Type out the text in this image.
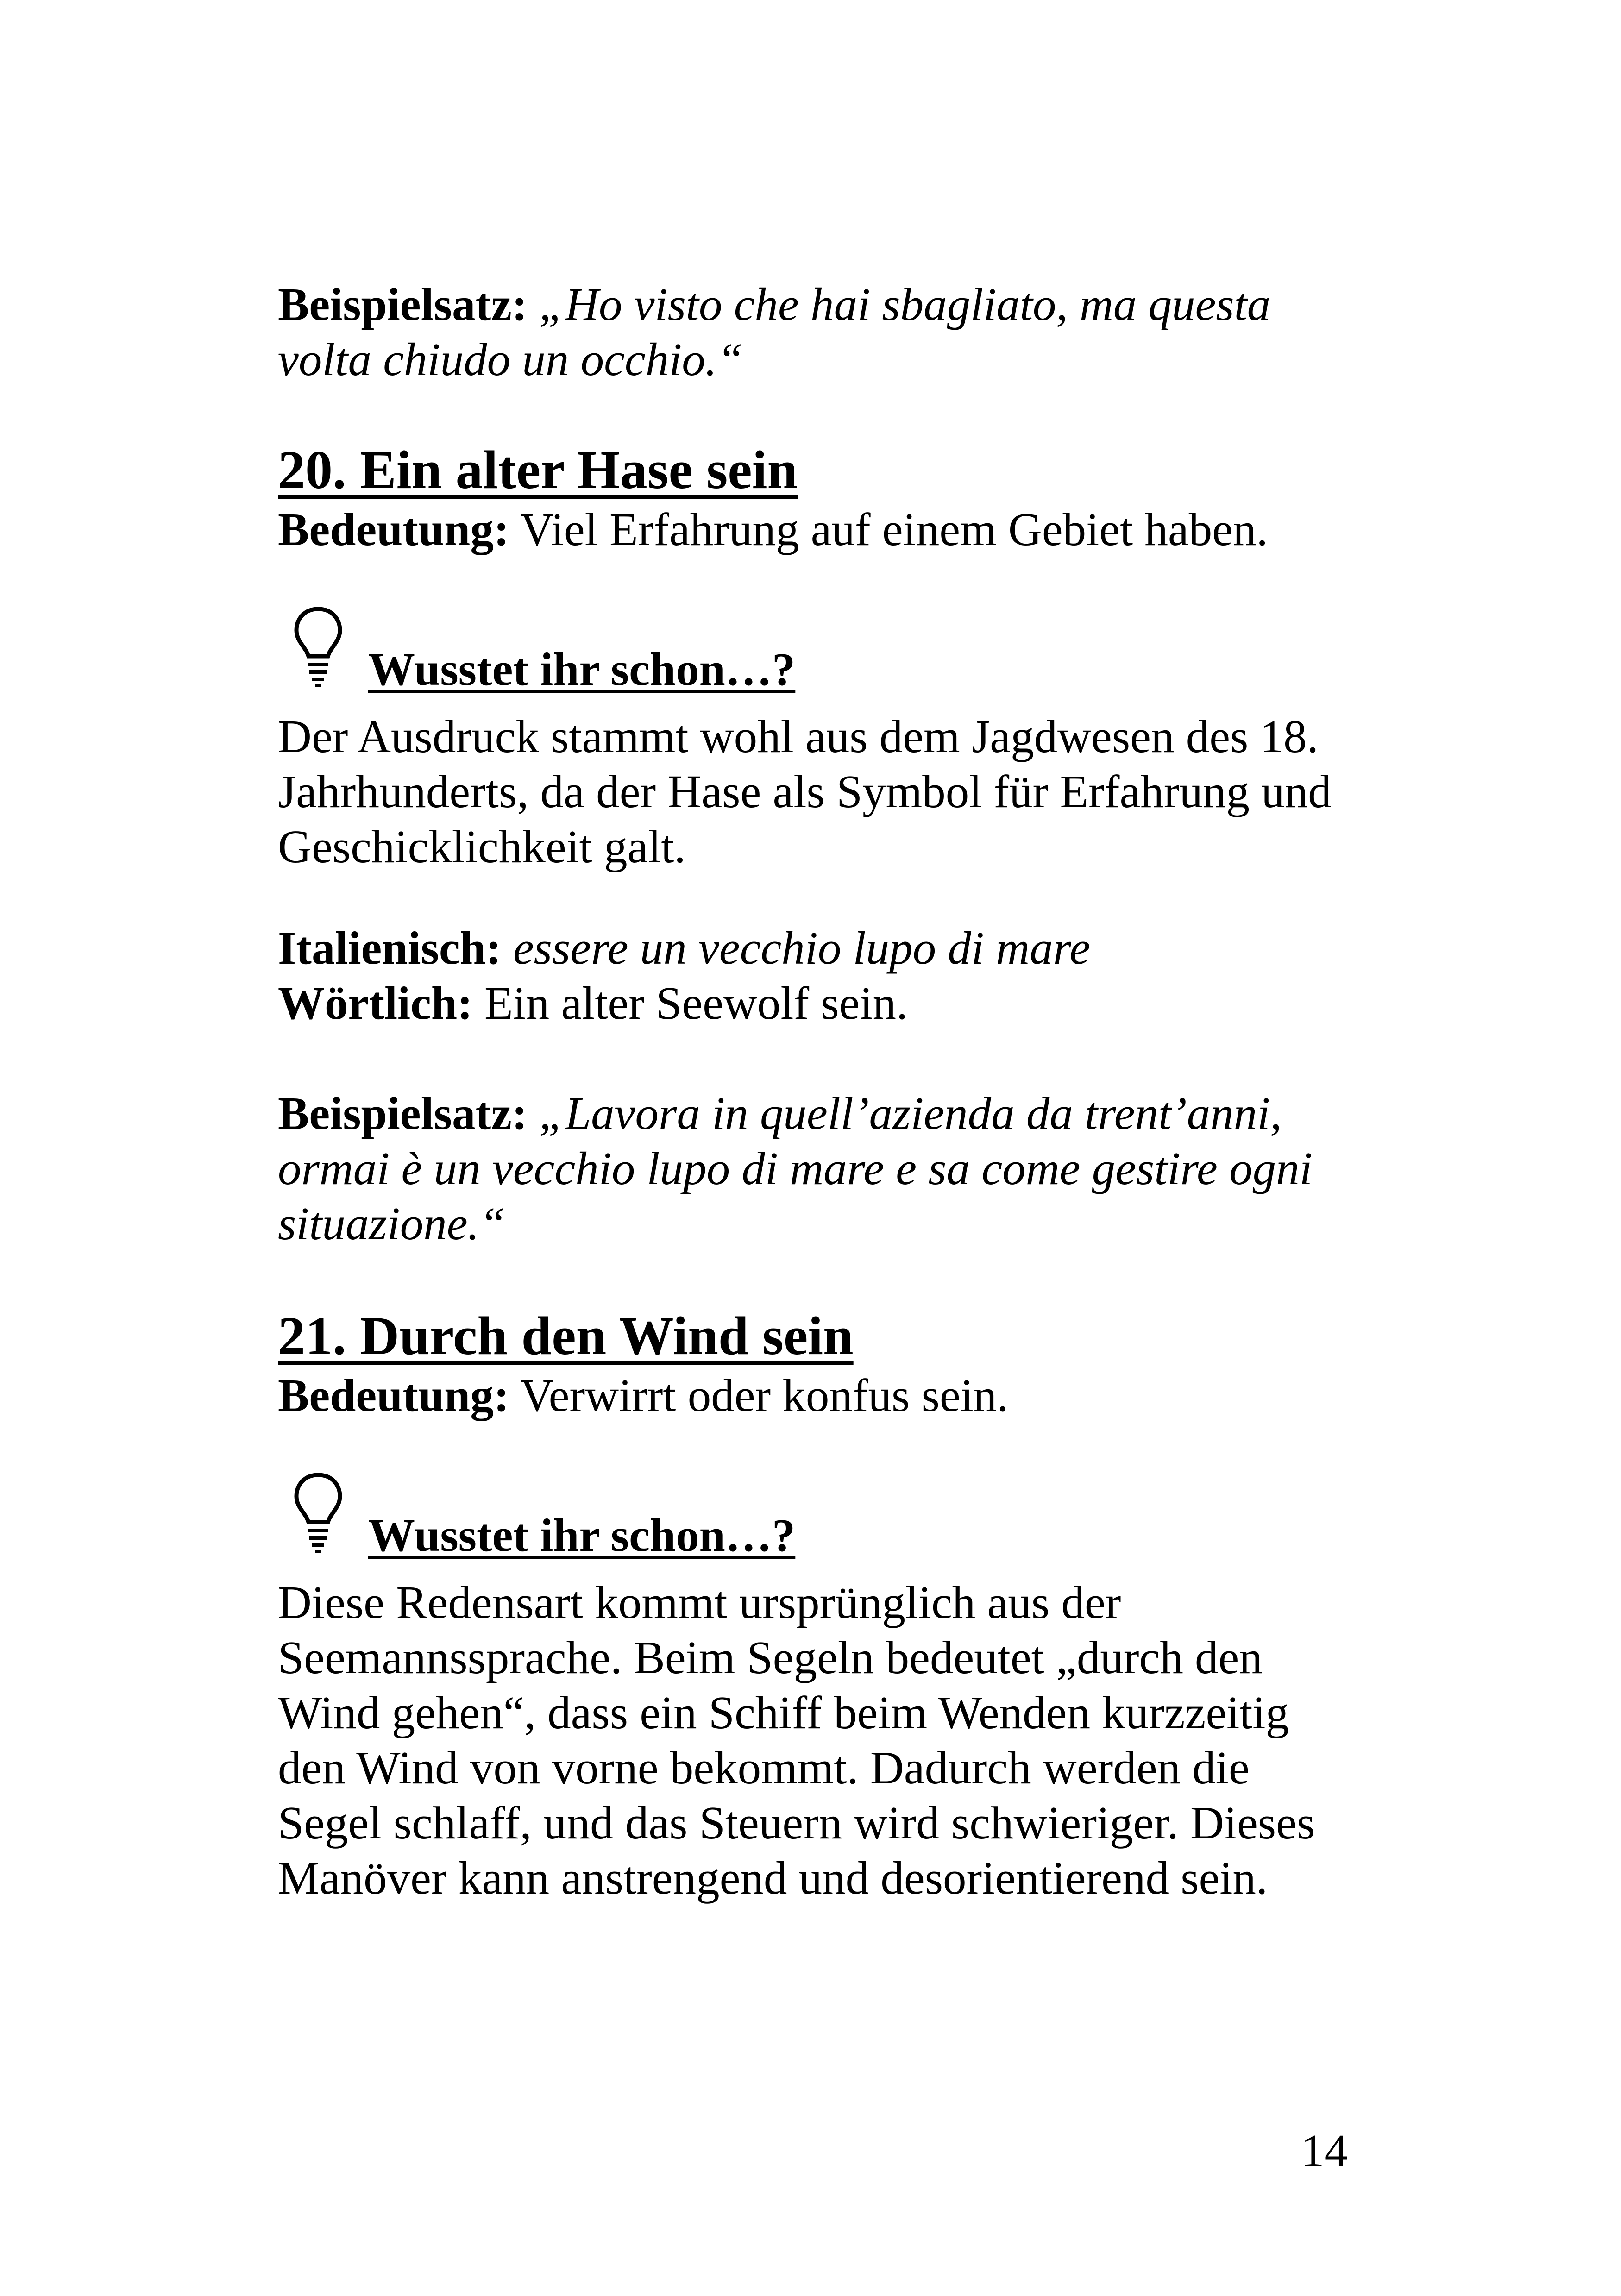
Beispielsatz: „Ho visto che hai sbagliato, ma questa

volta chiudo un occhio.“

20. Ein alter Hase sein

Bedeutung: Viel Erfahrung auf einem Gebiet haben.

Wusstet ihr schon…?

Der Ausdruck stammt wohl aus dem Jagdwesen des 18.

Jahrhunderts, da der Hase als Symbol für Erfahrung und

Geschicklichkeit galt.

Italienisch: essere un vecchio lupo di mare

Wörtlich: Ein alter Seewolf sein.

Beispielsatz: „Lavora in quell’azienda da trent’anni,

ormai è un vecchio lupo di mare e sa come gestire ogni

situazione.“

21. Durch den Wind sein

Bedeutung: Verwirrt oder konfus sein.

Wusstet ihr schon…?

Diese Redensart kommt ursprünglich aus der

Seemannssprache. Beim Segeln bedeutet „durch den

Wind gehen“, dass ein Schiff beim Wenden kurzzeitig

den Wind von vorne bekommt. Dadurch werden die

Segel schlaff, und das Steuern wird schwieriger. Dieses

Manöver kann anstrengend und desorientierend sein.

14
